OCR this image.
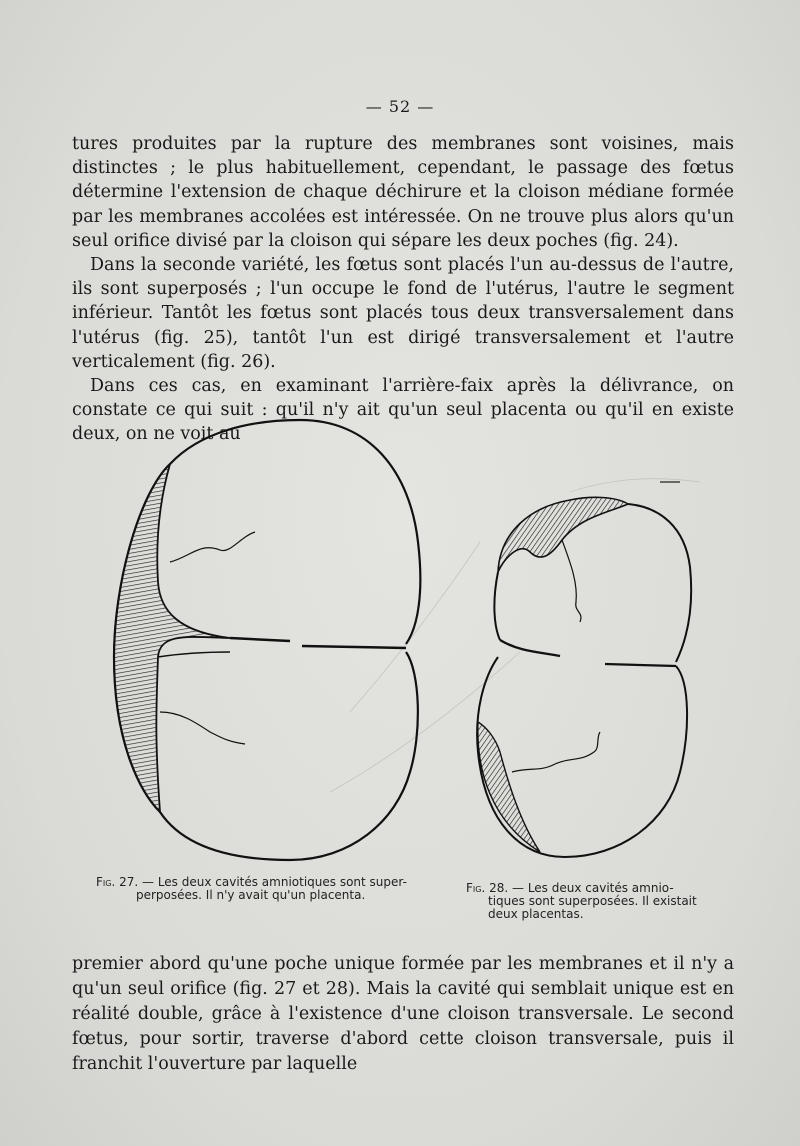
— 52 —

tures produites par la rupture des membranes sont voisines, mais distinctes ; le plus habituellement, cependant, le passage des fœtus détermine l'extension de chaque déchirure et la cloison médiane formée par les membranes accolées est intéressée. On ne trouve plus alors qu'un seul orifice divisé par la cloison qui sépare les deux poches (fig. 24).

Dans la seconde variété, les fœtus sont placés l'un au-dessus de l'autre, ils sont superposés ; l'un occupe le fond de l'utérus, l'autre le segment inférieur. Tantôt les fœtus sont placés tous deux transversalement dans l'utérus (fig. 25), tantôt l'un est dirigé transversalement et l'autre verticalement (fig. 26).

Dans ces cas, en examinant l'arrière-faix après la délivrance, on constate ce qui suit : qu'il n'y ait qu'un seul placenta ou qu'il en existe deux, on ne voit au

Fig. 27. — Les deux cavités amniotiques sont super-

perposées. Il n'y avait qu'un placenta.	Fig. 28. — Les deux cavités amnio-

tiques sont superposées. Il existait

deux placentas.

premier abord qu'une poche unique formée par les membranes et il n'y a qu'un seul orifice (fig. 27 et 28). Mais la cavité qui semblait unique est en réalité double, grâce à l'existence d'une cloison transversale. Le second fœtus, pour sortir, traverse d'abord cette cloison transversale, puis il franchit l'ouverture par laquelle
